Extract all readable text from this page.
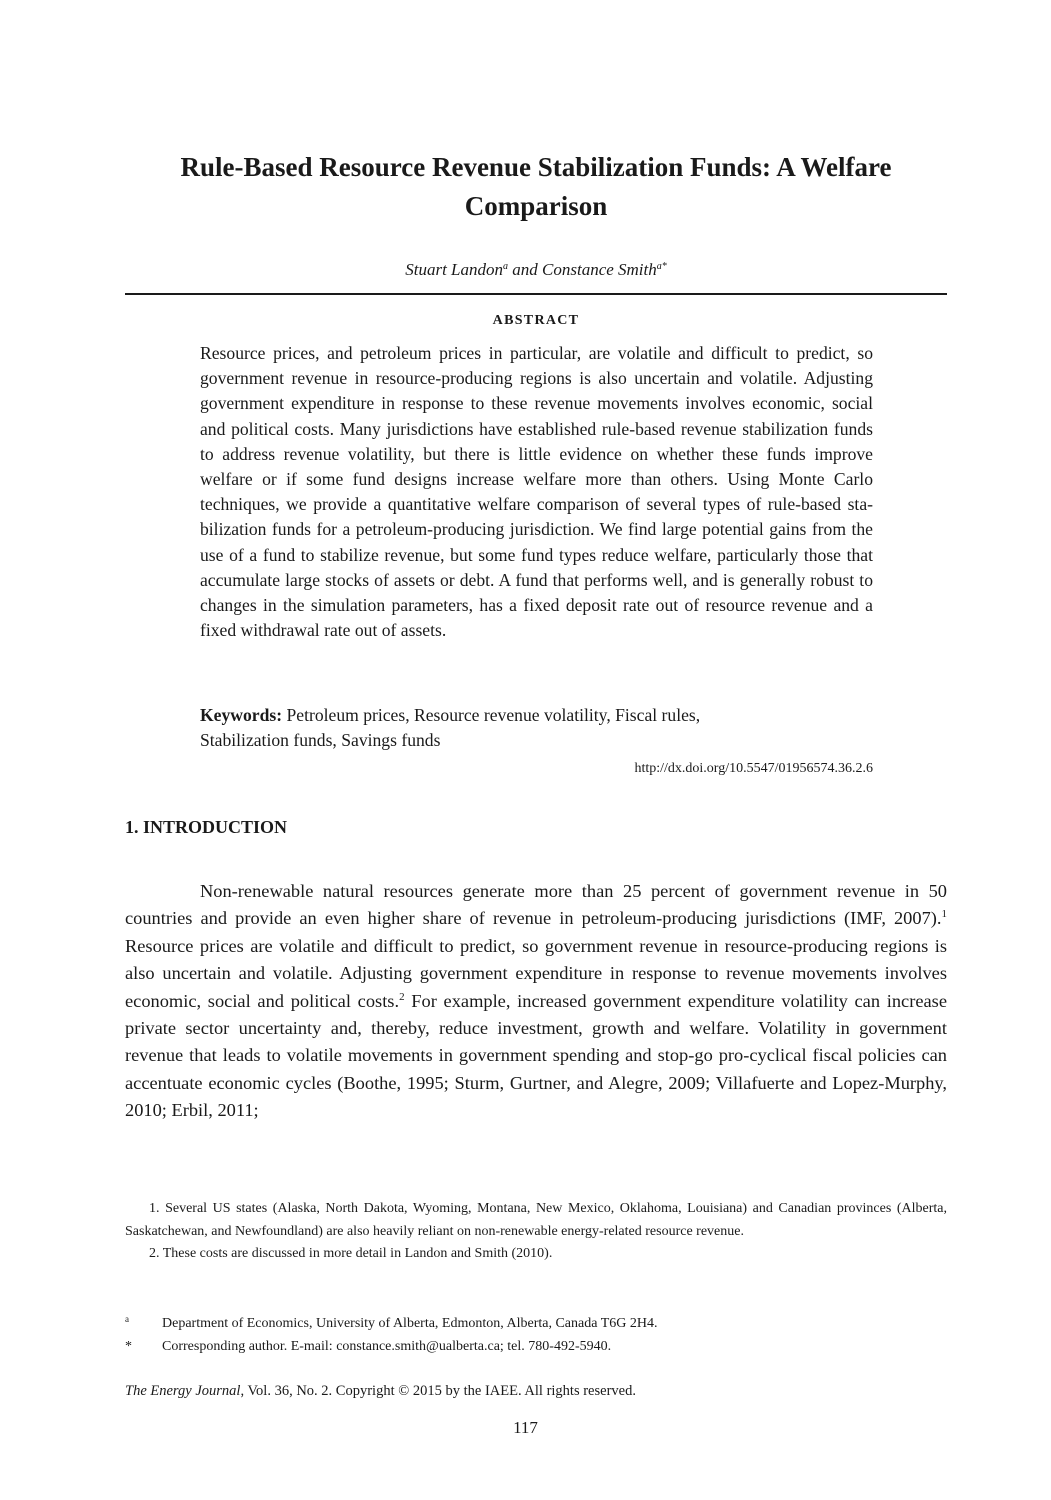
Rule-Based Resource Revenue Stabilization Funds: A Welfare Comparison
Stuart Landon$^a$ and Constance Smith$^{a*}$
ABSTRACT
Resource prices, and petroleum prices in particular, are volatile and difficult to predict, so government revenue in resource-producing regions is also uncertain and volatile. Adjusting government expenditure in response to these revenue movements involves economic, social and political costs. Many jurisdictions have established rule-based revenue stabilization funds to address revenue volatility, but there is little evidence on whether these funds improve welfare or if some fund designs increase welfare more than others. Using Monte Carlo techniques, we provide a quantitative welfare comparison of several types of rule-based stabilization funds for a petroleum-producing jurisdiction. We find large potential gains from the use of a fund to stabilize revenue, but some fund types reduce welfare, particularly those that accumulate large stocks of assets or debt. A fund that performs well, and is generally robust to changes in the simulation parameters, has a fixed deposit rate out of resource revenue and a fixed withdrawal rate out of assets.
Keywords: Petroleum prices, Resource revenue volatility, Fiscal rules,
Stabilization funds, Savings funds
http://dx.doi.org/10.5547/01956574.36.2.6
1. INTRODUCTION
Non-renewable natural resources generate more than 25 percent of government revenue in 50 countries and provide an even higher share of revenue in petroleum-producing jurisdictions (IMF, 2007).$^1$ Resource prices are volatile and difficult to predict, so government revenue in resource-producing regions is also uncertain and volatile. Adjusting government expenditure in response to revenue movements involves economic, social and political costs.$^2$ For example, increased government expenditure volatility can increase private sector uncertainty and, thereby, reduce investment, growth and welfare. Volatility in government revenue that leads to volatile movements in government spending and stop-go pro-cyclical fiscal policies can accentuate economic cycles (Boothe, 1995; Sturm, Gurtner, and Alegre, 2009; Villafuerte and Lopez-Murphy, 2010; Erbil, 2011;

1. Several US states (Alaska, North Dakota, Wyoming, Montana, New Mexico, Oklahoma, Louisiana) and Canadian provinces (Alberta, Saskatchewan, and Newfoundland) are also heavily reliant on non-renewable energy-related resource revenue.

2. These costs are discussed in more detail in Landon and Smith (2010).

$^a$	Department of Economics, University of Alberta, Edmonton, Alberta, Canada T6G 2H4.
*	Corresponding author. E-mail: constance.smith@ualberta.ca; tel. 780-492-5940.
The Energy Journal, Vol. 36, No. 2. Copyright © 2015 by the IAEE. All rights reserved.
117
